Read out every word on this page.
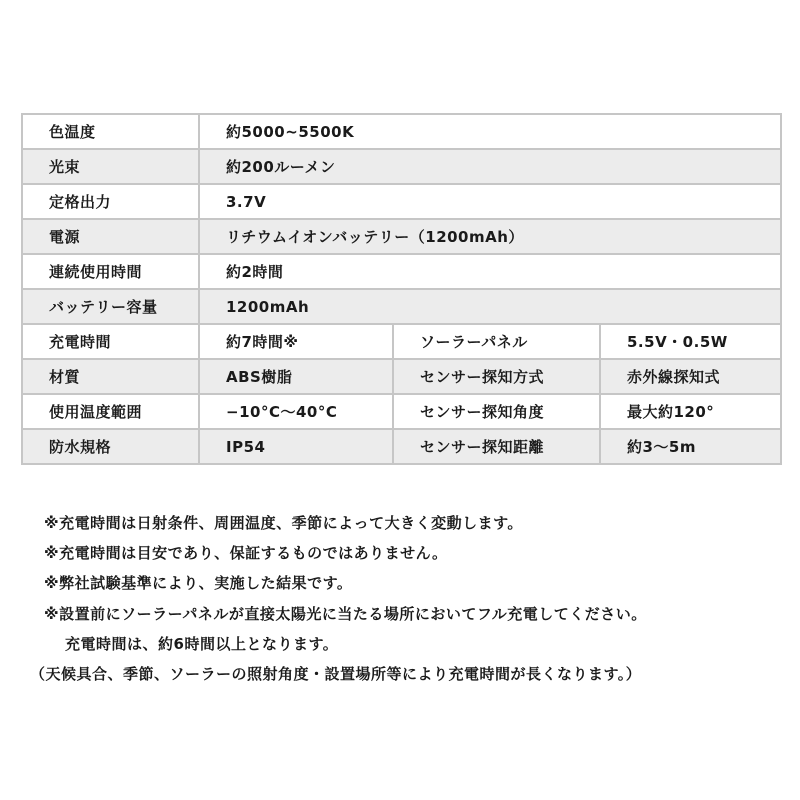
色温度	約5000~5500K		
光束	約200ルーメン		
定格出力	3.7V		
電源	リチウムイオンバッテリー（1200mAh）		
連続使用時間	約2時間		
バッテリー容量	1200mAh		
充電時間	約7時間※	ソーラーパネル	5.5V・0.5W
材質	ABS樹脂	センサー探知方式	赤外線探知式
使用温度範囲	−10°C～40°C	センサー探知角度	最大約120°
防水規格	IP54	センサー探知距離	約3～5m
※充電時間は日射条件、周囲温度、季節によって大きく変動します。
※充電時間は目安であり、保証するものではありません。
※弊社試験基準により、実施した結果です。
※設置前にソーラーパネルが直接太陽光に当たる場所においてフル充電してください。
充電時間は、約6時間以上となります。
（天候具合、季節、ソーラーの照射角度・設置場所等により充電時間が長くなります。）
